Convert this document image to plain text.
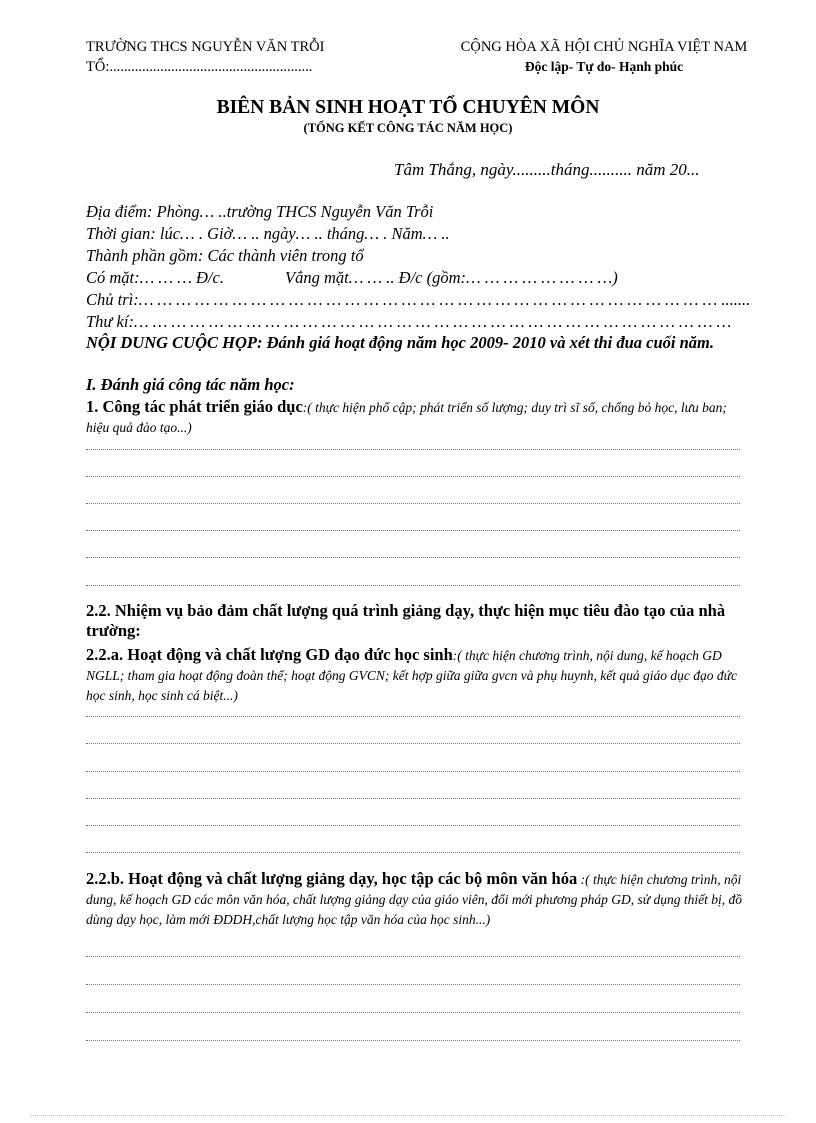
TRƯỜNG THCS NGUYỄN VĂN TRỖI
TỔ:........................................................
CỘNG HÒA XÃ HỘI CHỦ NGHĨA VIỆT NAM
Độc lập- Tự do- Hạnh phúc
BIÊN BẢN SINH HOẠT TỔ CHUYÊN MÔN
(TỔNG KẾT CÔNG TÁC NĂM HỌC)
Tâm Thắng, ngày.........tháng.......... năm 20...
Địa điểm: Phòng… ..trường THCS Nguyễn Văn Trỗi
Thời gian: lúc… . Giờ… .. ngày… .. tháng… . Năm… ..
Thành phần gồm: Các thành viên trong tổ
Có mặt:… … … Đ/c.	Vắng mặt… … .. Đ/c (gồm:… … … … … … … …)
Chủ trì:… … … … … … … … … … … … … … … … … … … … … … … … … … … … … … … .......
Thư kí:… … … … … … … … … … … … … … … … … … … … … … … … … … … … … … … …
NỘI DUNG CUỘC HỌP: Đánh giá hoạt động năm học 2009- 2010 và xét thi đua cuối năm.
I. Đánh giá công tác năm học:
1. Công tác phát triển giáo dục:( thực hiện phổ cập; phát triển số lượng; duy trì sĩ số, chống bỏ học, lưu ban; hiệu quả đào tạo...)
2.2. Nhiệm vụ bảo đảm chất lượng quá trình giảng dạy, thực hiện mục tiêu đào tạo của nhà trường:
2.2.a. Hoạt động và chất lượng GD đạo đức học sinh:( thực hiện chương trình, nội dung, kế hoạch GD NGLL; tham gia hoạt động đoàn thể; hoạt động GVCN; kết hợp giữa giữa gvcn và phụ huynh, kết quả giáo dục đạo đức học sinh, học sinh cá biệt...)
2.2.b. Hoạt động và chất lượng giảng dạy, học tập các bộ môn văn hóa :( thực hiện chương trình, nội dung, kế hoạch GD các môn văn hóa, chất lượng giảng dạy của giáo viên, đổi mới phương pháp GD, sử dụng thiết bị, đồ dùng dạy học, làm mới ĐDDH,chất lượng học tập văn hóa của học sinh...)
